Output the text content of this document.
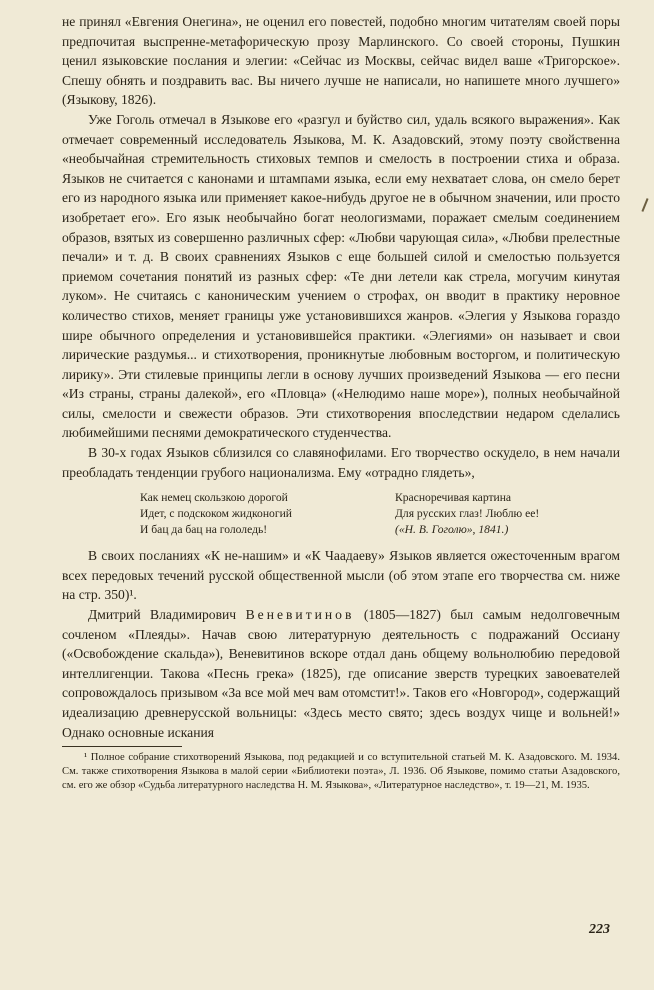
не принял «Евгения Онегина», не оценил его повестей, подобно многим читателям своей поры предпочитая выспренне-метафорическую прозу Марлинского. Со своей стороны, Пушкин ценил языковские послания и элегии: «Сейчас из Москвы, сейчас видел ваше «Тригорское». Спешу обнять и поздравить вас. Вы ничего лучше не написали, но напишете много лучшего» (Языкову, 1826).

Уже Гоголь отмечал в Языкове его «разгул и буйство сил, удаль всякого выражения». Как отмечает современный исследователь Языкова, М. К. Азадовский, этому поэту свойственна «необычайная стремительность стиховых темпов и смелость в построении стиха и образа. Языков не считается с канонами и штампами языка, если ему нехватает слова, он смело берет его из народного языка или применяет какое-нибудь другое не в обычном значении, или просто изобретает его». Его язык необычайно богат неологизмами, поражает смелым соединением образов, взятых из совершенно различных сфер: «Любви чарующая сила», «Любви прелестные печали» и т. д. В своих сравнениях Языков с еще большей силой и смелостью пользуется приемом сочетания понятий из разных сфер: «Те дни летели как стрела, могучим кинутая луком». Не считаясь с каноническим учением о строфах, он вводит в практику неровное количество стихов, меняет границы уже установившихся жанров. «Элегия у Языкова гораздо шире обычного определения и установившейся практики. «Элегиями» он называет и свои лирические раздумья... и стихотворения, проникнутые любовным восторгом, и политическую лирику». Эти стилевые принципы легли в основу лучших произведений Языкова — его песни «Из страны, страны далекой», его «Пловца» («Нелюдимо наше море»), полных необычайной силы, смелости и свежести образов. Эти стихотворения впоследствии недаром сделались любимейшими песнями демократического студенчества.

В 30-х годах Языков сблизился со славянофилами. Его творчество оскудело, в нем начали преобладать тенденции грубого национализма. Ему «отрадно глядеть»,

Как немец скользкою дорогой
Идет, с подскоком жидконогий
И бац да бац на гололедь!
Красноречивая картина
Для русских глаз! Люблю ее!
(«Н. В. Гоголю», 1841.)

В своих посланиях «К не-нашим» и «К Чаадаеву» Языков является ожесточенным врагом всех передовых течений русской общественной мысли (об этом этапе его творчества см. ниже на стр. 350)¹.

Дмитрий Владимирович Веневитинов (1805—1827) был самым недолговечным сочленом «Плеяды». Начав свою литературную деятельность с подражаний Оссиану («Освобождение скальда»), Веневитинов вскоре отдал дань общему вольнолюбию передовой интеллигенции. Такова «Песнь грека» (1825), где описание зверств турецких завоевателей сопровождалось призывом «За все мой меч вам отомстит!». Таков его «Новгород», содержащий идеализацию древнерусской вольницы: «Здесь место свято; здесь воздух чище и вольней!» Однако основные искания

¹ Полное собрание стихотворений Языкова, под редакцией и со вступительной статьей М. К. Азадовского. М. 1934. См. также стихотворения Языкова в малой серии «Библиотеки поэта», Л. 1936. Об Языкове, помимо статьи Азадовского, см. его же обзор «Судьба литературного наследства Н. М. Языкова», «Литературное наследство», т. 19—21, М. 1935.

223
